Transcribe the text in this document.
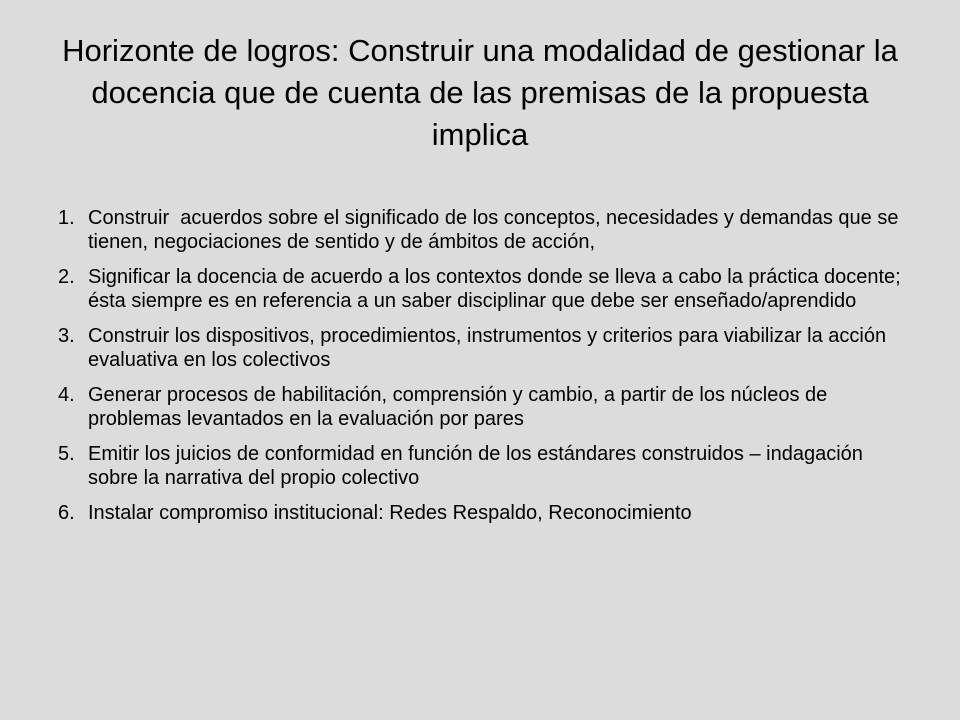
Horizonte de logros: Construir una modalidad de gestionar la docencia que de cuenta de las premisas de la propuesta implica
1. Construir  acuerdos sobre el significado de los conceptos, necesidades y demandas que se tienen, negociaciones de sentido y de ámbitos de acción,
2. Significar la docencia de acuerdo a los contextos donde se lleva a cabo la práctica docente; ésta siempre es en referencia a un saber disciplinar que debe ser enseñado/aprendido
3. Construir los dispositivos, procedimientos, instrumentos y criterios para viabilizar la acción evaluativa en los colectivos
4. Generar procesos de habilitación, comprensión y cambio, a partir de los núcleos de problemas levantados en la evaluación por pares
5. Emitir los juicios de conformidad en función de los estándares construidos – indagación sobre la narrativa del propio colectivo
6. Instalar compromiso institucional: Redes Respaldo, Reconocimiento
